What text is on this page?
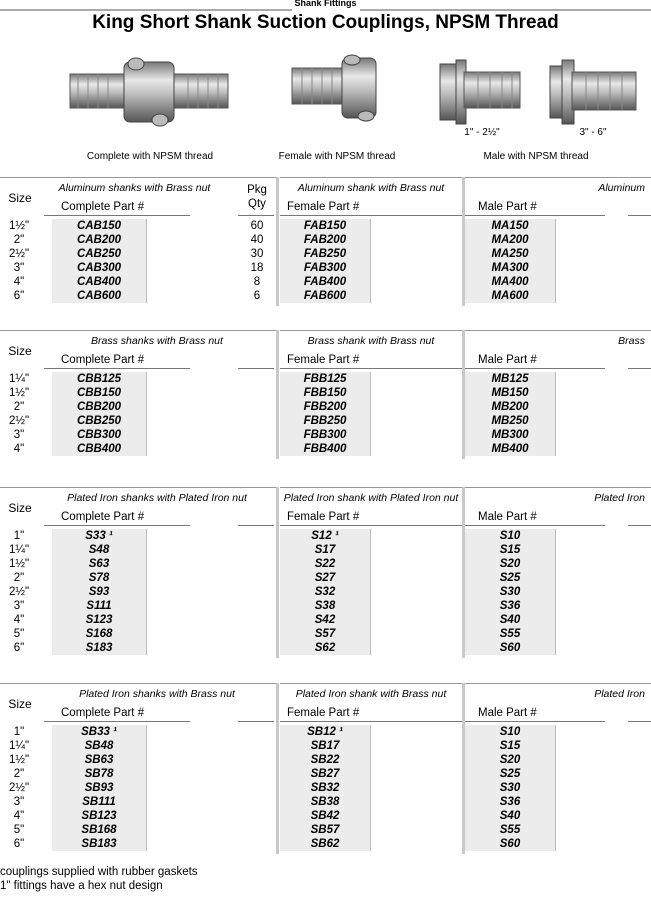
Shank Fittings
King Short Shank Suction Couplings, NPSM Thread
1" - 2½"	3" - 6"
Complete with NPSM thread	Female with NPSM thread	Male with NPSM thread
Size
Aluminum shanks with Brass nut	Aluminum shank with Brass nut	Aluminum
Complete Part #	Female Part #	Male Part #
Pkg
Qty
1½"	CAB150	60	FAB150	MA150
2"	CAB200	40	FAB200	MA200
2½"	CAB250	30	FAB250	MA250
3"	CAB300	18	FAB300	MA300
4"	CAB400	8	FAB400	MA400
6"	CAB600	6	FAB600	MA600
Size
Brass shanks with Brass nut	Brass shank with Brass nut	Brass
Complete Part #	Female Part #	Male Part #
1¼"	CBB125	FBB125	MB125
1½"	CBB150	FBB150	MB150
2"	CBB200	FBB200	MB200
2½"	CBB250	FBB250	MB250
3"	CBB300	FBB300	MB300
4"	CBB400	FBB400	MB400
Size
Plated Iron shanks with Plated Iron nut	Plated Iron shank with Plated Iron nut	Plated Iron
Complete Part #	Female Part #	Male Part #
1"	S33 ¹	S12 ¹	S10
1¼"	S48	S17	S15
1½"	S63	S22	S20
2"	S78	S27	S25
2½"	S93	S32	S30
3"	S111	S38	S36
4"	S123	S42	S40
5"	S168	S57	S55
6"	S183	S62	S60
Size
Plated Iron shanks with Brass nut	Plated Iron shank with Brass nut	Plated Iron
Complete Part #	Female Part #	Male Part #
1"	SB33 ¹	SB12 ¹	S10
1¼"	SB48	SB17	S15
1½"	SB63	SB22	S20
2"	SB78	SB27	S25
2½"	SB93	SB32	S30
3"	SB111	SB38	S36
4"	SB123	SB42	S40
5"	SB168	SB57	S55
6"	SB183	SB62	S60
couplings supplied with rubber gaskets
1" fittings have a hex nut design
